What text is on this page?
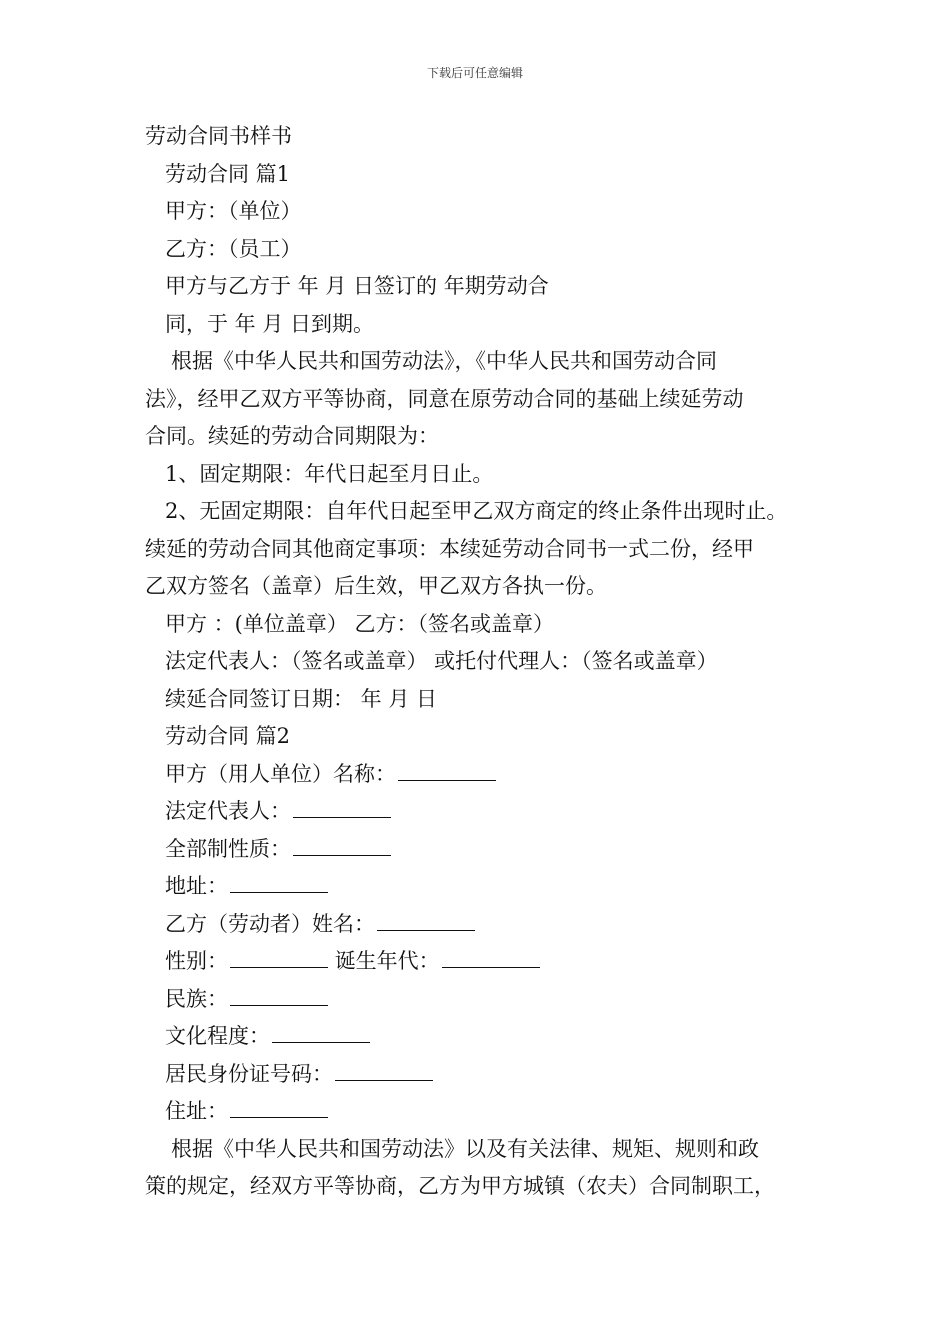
下载后可任意编辑
劳动合同书样书
劳动合同 篇1
甲方：（单位）
乙方：（员工）
甲方与乙方于 年 月 日签订的 年期劳动合
同，于 年 月 日到期。
根据《中华人民共和国劳动法》，《中华人民共和国劳动合同
法》，经甲乙双方平等协商，同意在原劳动合同的基础上续延劳动
合同。续延的劳动合同期限为：
1、固定期限：年代日起至月日止。
2、无固定期限：自年代日起至甲乙双方商定的终止条件出现时止。
续延的劳动合同其他商定事项：本续延劳动合同书一式二份，经甲
乙双方签名（盖章）后生效，甲乙双方各执一份。
甲方 ：(单位盖章） 乙方：（签名或盖章）
法定代表人：（签名或盖章） 或托付代理人：（签名或盖章）
续延合同签订日期： 年 月 日
劳动合同 篇2
甲方（用人单位）名称：
法定代表人：
全部制性质：
地址：
乙方（劳动者）姓名：
性别：	诞生年代：
民族：
文化程度：
居民身份证号码：
住址：
根据《中华人民共和国劳动法》以及有关法律、规矩、规则和政
策的规定，经双方平等协商，乙方为甲方城镇（农夫）合同制职工，
